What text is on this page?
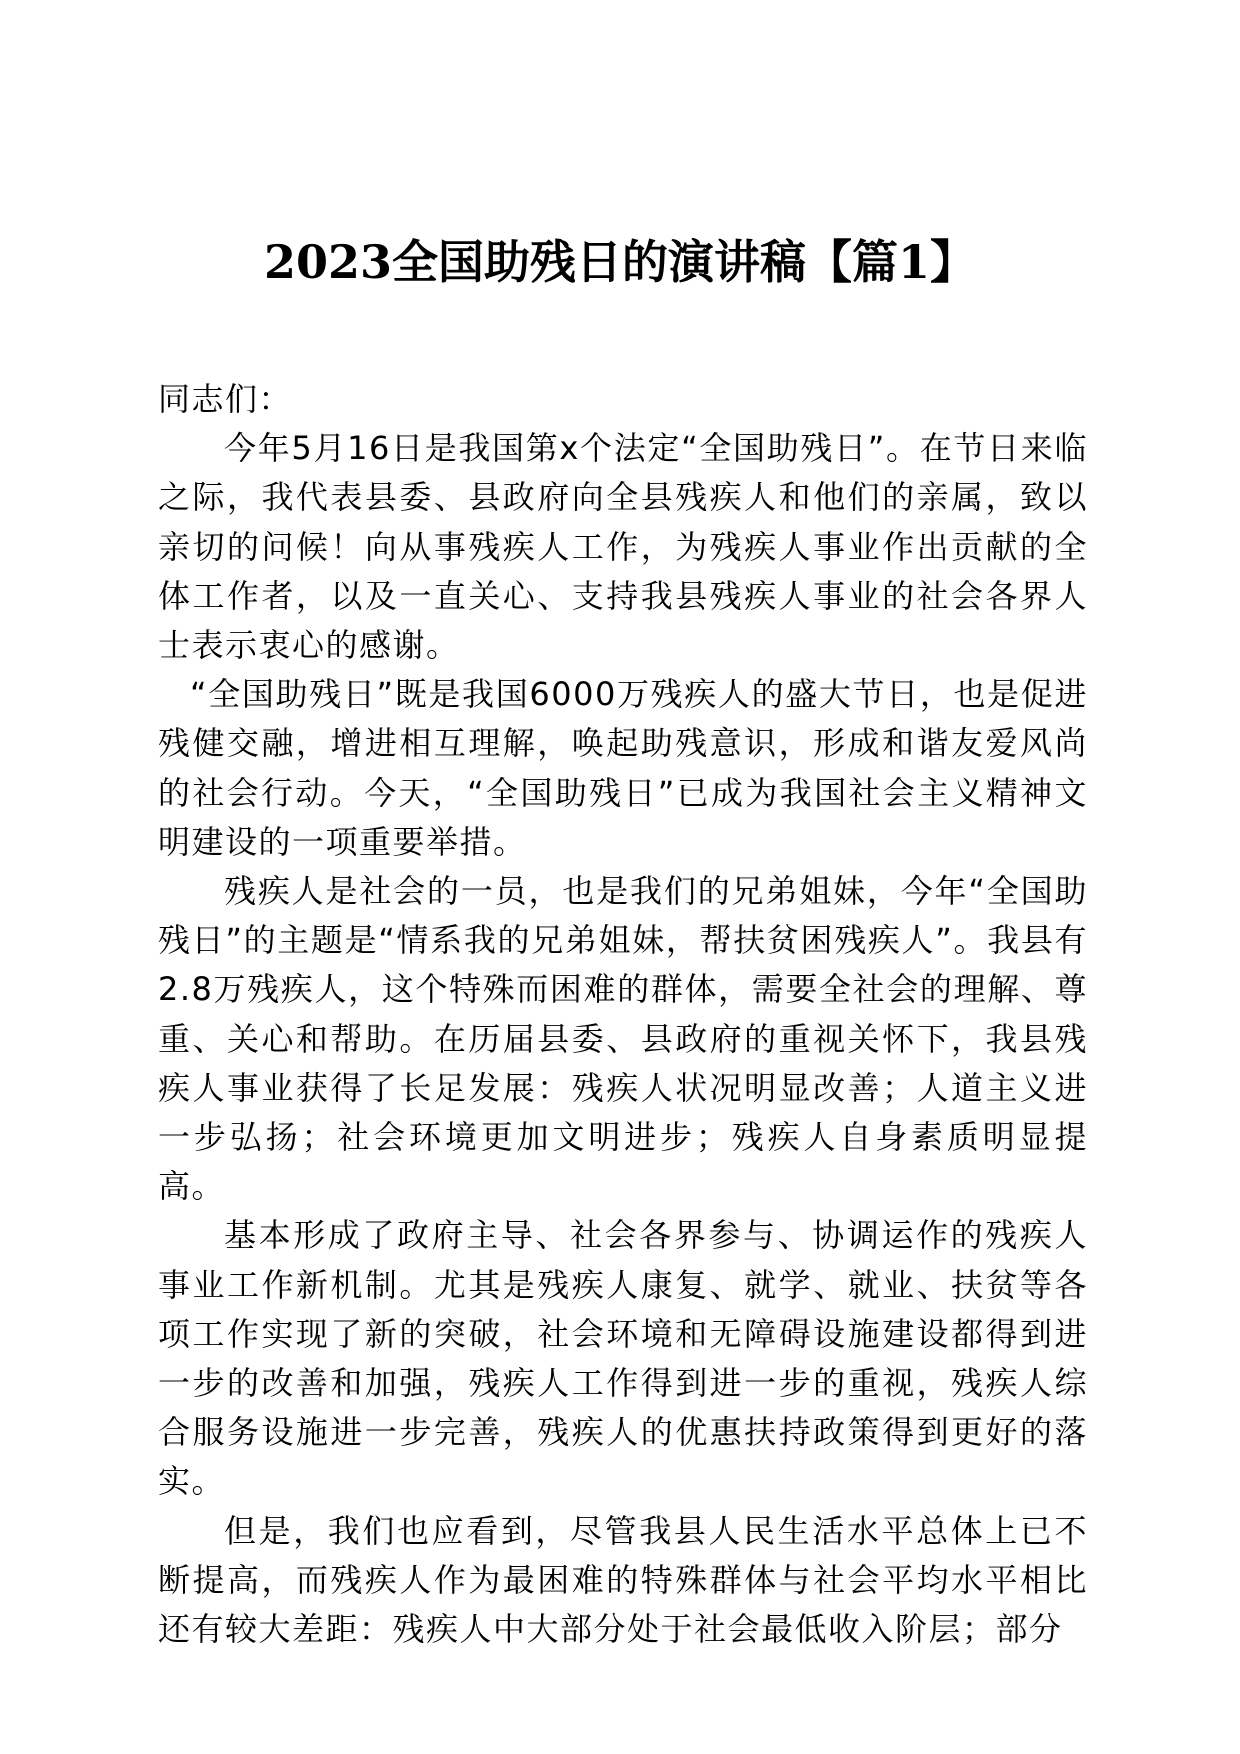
2023全国助残日的演讲稿【篇1】

同志们：

今年5月16日是我国第x个法定“全国助残日”。在节日来临之际，我代表县委、县政府向全县残疾人和他们的亲属，致以亲切的问候！向从事残疾人工作，为残疾人事业作出贡献的全体工作者，以及一直关心、支持我县残疾人事业的社会各界人士表示衷心的感谢。

“全国助残日”既是我国6000万残疾人的盛大节日，也是促进残健交融，增进相互理解，唤起助残意识，形成和谐友爱风尚的社会行动。今天，“全国助残日”已成为我国社会主义精神文明建设的一项重要举措。

残疾人是社会的一员，也是我们的兄弟姐妹，今年“全国助残日”的主题是“情系我的兄弟姐妹，帮扶贫困残疾人”。我县有2.8万残疾人，这个特殊而困难的群体，需要全社会的理解、尊重、关心和帮助。在历届县委、县政府的重视关怀下，我县残疾人事业获得了长足发展：残疾人状况明显改善；人道主义进一步弘扬；社会环境更加文明进步；残疾人自身素质明显提高。

基本形成了政府主导、社会各界参与、协调运作的残疾人事业工作新机制。尤其是残疾人康复、就学、就业、扶贫等各项工作实现了新的突破，社会环境和无障碍设施建设都得到进一步的改善和加强，残疾人工作得到进一步的重视，残疾人综合服务设施进一步完善，残疾人的优惠扶持政策得到更好的落实。

但是，我们也应看到，尽管我县人民生活水平总体上已不断提高，而残疾人作为最困难的特殊群体与社会平均水平相比还有较大差距：残疾人中大部分处于社会最低收入阶层；部分
